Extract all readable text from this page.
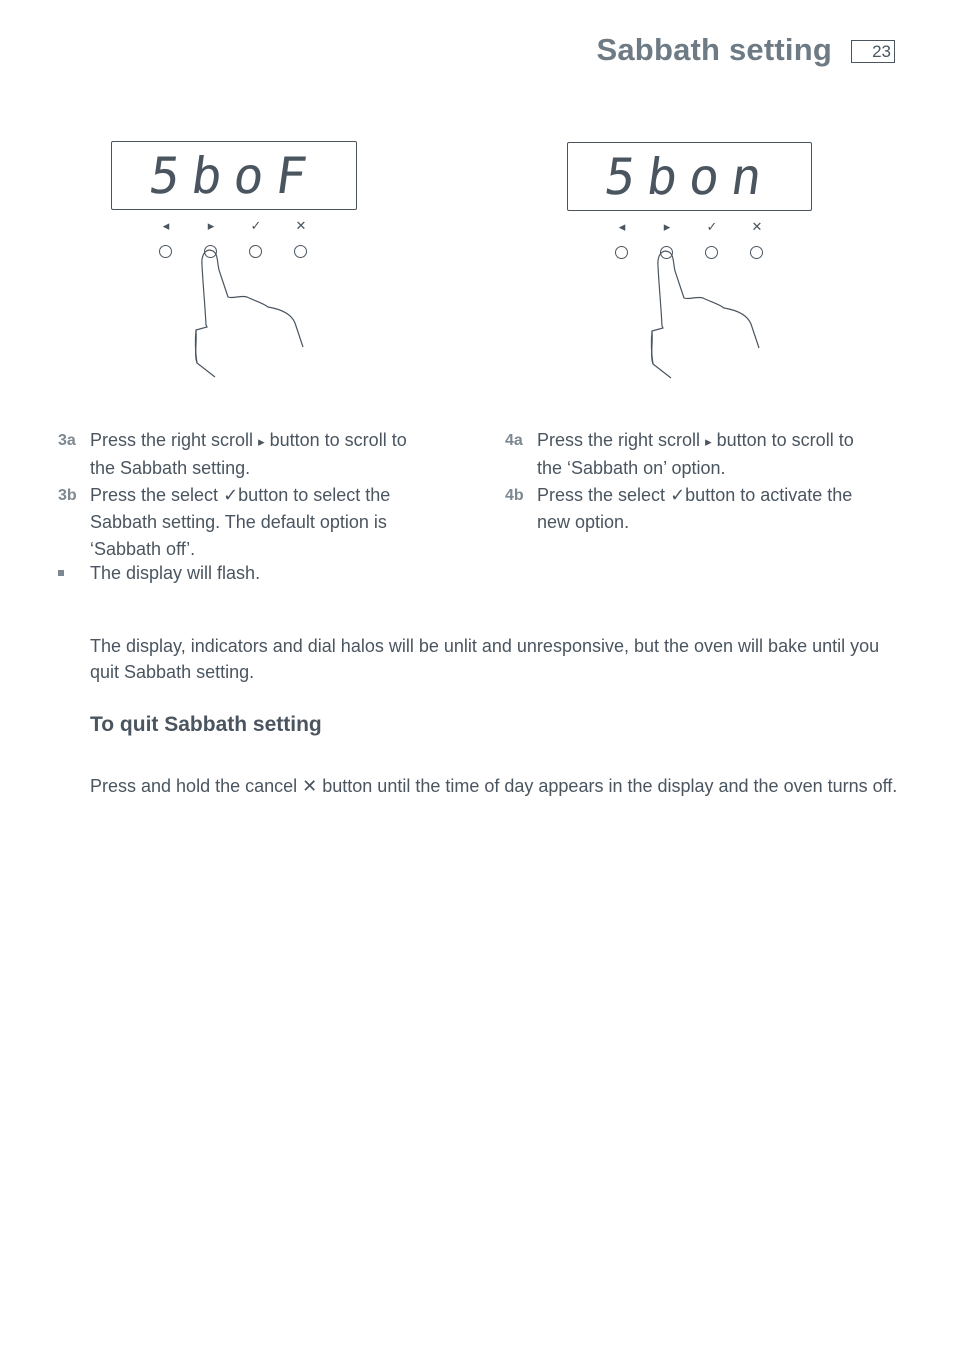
Sabbath setting	23
5boF
◂	▸	✓	✕
5bon
◂	▸	✓	✕
3a Press the right scroll ▸ button to scroll to
the Sabbath setting.
3b Press the select ✓button to select the
Sabbath setting. The default option is
‘Sabbath off’.
The display will flash.
4a Press the right scroll ▸ button to scroll to
the ‘Sabbath on’ option.
4b Press the select ✓button to activate the
new option.
The display, indicators and dial halos will be unlit and unresponsive, but the oven will bake until you quit Sabbath setting.
To quit Sabbath setting
Press and hold the cancel ✕ button until the time of day appears in the display and the oven turns off.
